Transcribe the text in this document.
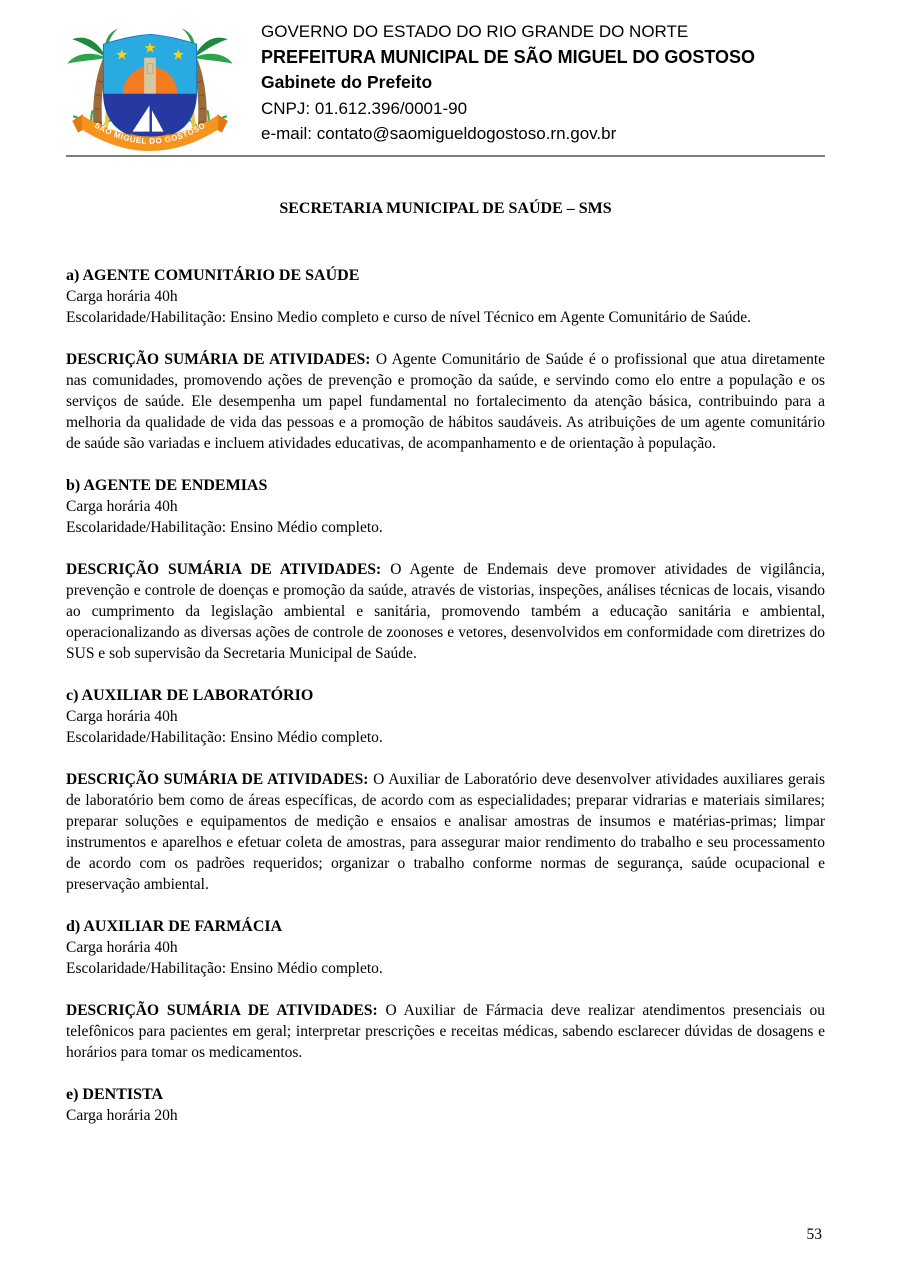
SÃO MIGUEL DO GOSTOSO

GOVERNO DO ESTADO DO RIO GRANDE DO NORTE

PREFEITURA MUNICIPAL DE SÃO MIGUEL DO GOSTOSO

Gabinete do Prefeito

CNPJ: 01.612.396/0001-90

e-mail: contato@saomigueldogostoso.rn.gov.br

SECRETARIA MUNICIPAL DE SAÚDE – SMS
a) AGENTE COMUNITÁRIO DE SAÚDE

Carga horária 40h

Escolaridade/Habilitação: Ensino Medio completo e curso de nível Técnico em Agente Comunitário de Saúde.

DESCRIÇÃO SUMÁRIA DE ATIVIDADES: O Agente Comunitário de Saúde é o profissional que atua diretamente nas comunidades, promovendo ações de prevenção e promoção da saúde, e servindo como elo entre a população e os serviços de saúde. Ele desempenha um papel fundamental no fortalecimento da atenção básica, contribuindo para a melhoria da qualidade de vida das pessoas e a promoção de hábitos saudáveis. As atribuições de um agente comunitário de saúde são variadas e incluem atividades educativas, de acompanhamento e de orientação à população.

b) AGENTE DE ENDEMIAS

Carga horária 40h

Escolaridade/Habilitação: Ensino Médio completo.

DESCRIÇÃO SUMÁRIA DE ATIVIDADES: O Agente de Endemais deve promover atividades de vigilância, prevenção e controle de doenças e promoção da saúde, através de vistorias, inspeções, análises técnicas de locais, visando ao cumprimento da legislação ambiental e sanitária, promovendo também a educação sanitária e ambiental, operacionalizando as diversas ações de controle de zoonoses e vetores, desenvolvidos em conformidade com diretrizes do SUS e sob supervisão da Secretaria Municipal de Saúde.

c) AUXILIAR DE LABORATÓRIO

Carga horária 40h

Escolaridade/Habilitação: Ensino Médio completo.

DESCRIÇÃO SUMÁRIA DE ATIVIDADES: O Auxiliar de Laboratório deve desenvolver atividades auxiliares gerais de laboratório bem como de áreas específicas, de acordo com as especialidades; preparar vidrarias e materiais similares; preparar soluções e equipamentos de medição e ensaios e analisar amostras de insumos e matérias-primas; limpar instrumentos e aparelhos e efetuar coleta de amostras, para assegurar maior rendimento do trabalho e seu processamento de acordo com os padrões requeridos; organizar o trabalho conforme normas de segurança, saúde ocupacional e preservação ambiental.

d) AUXILIAR DE FARMÁCIA

Carga horária 40h

Escolaridade/Habilitação: Ensino Médio completo.

DESCRIÇÃO SUMÁRIA DE ATIVIDADES: O Auxiliar de Fármacia deve realizar atendimentos presenciais ou telefônicos para pacientes em geral; interpretar prescrições e receitas médicas, sabendo esclarecer dúvidas de dosagens e horários para tomar os medicamentos.

e) DENTISTA

Carga horária 20h

53
